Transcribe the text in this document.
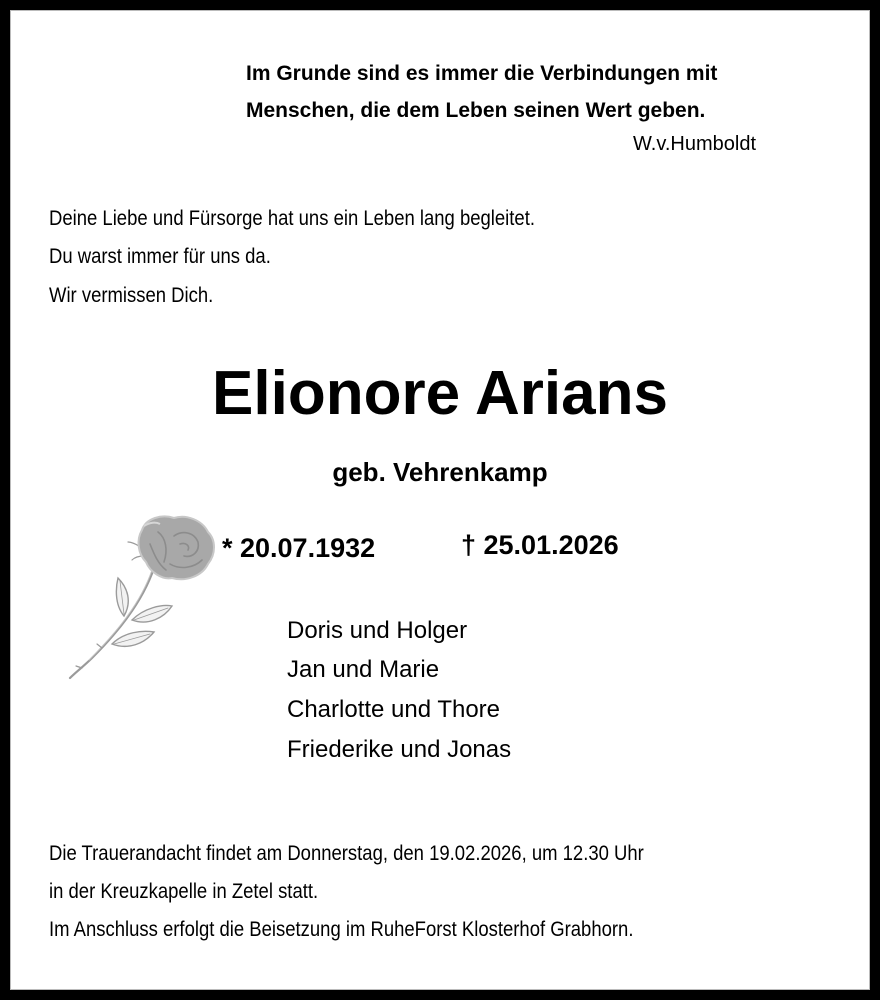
Im Grunde sind es immer die Verbindungen mit
Menschen, die dem Leben seinen Wert geben.
W.v.Humboldt
Deine Liebe und Fürsorge hat uns ein Leben lang begleitet.
Du warst immer für uns da.
Wir vermissen Dich.
Elionore Arians
geb. Vehrenkamp
* 20.07.1932	† 25.01.2026
Doris und Holger
Jan und Marie
Charlotte und Thore
Friederike und Jonas
Die Trauerandacht findet am Donnerstag, den 19.02.2026, um 12.30 Uhr
in der Kreuzkapelle in Zetel statt.
Im Anschluss erfolgt die Beisetzung im RuheForst Klosterhof Grabhorn.
